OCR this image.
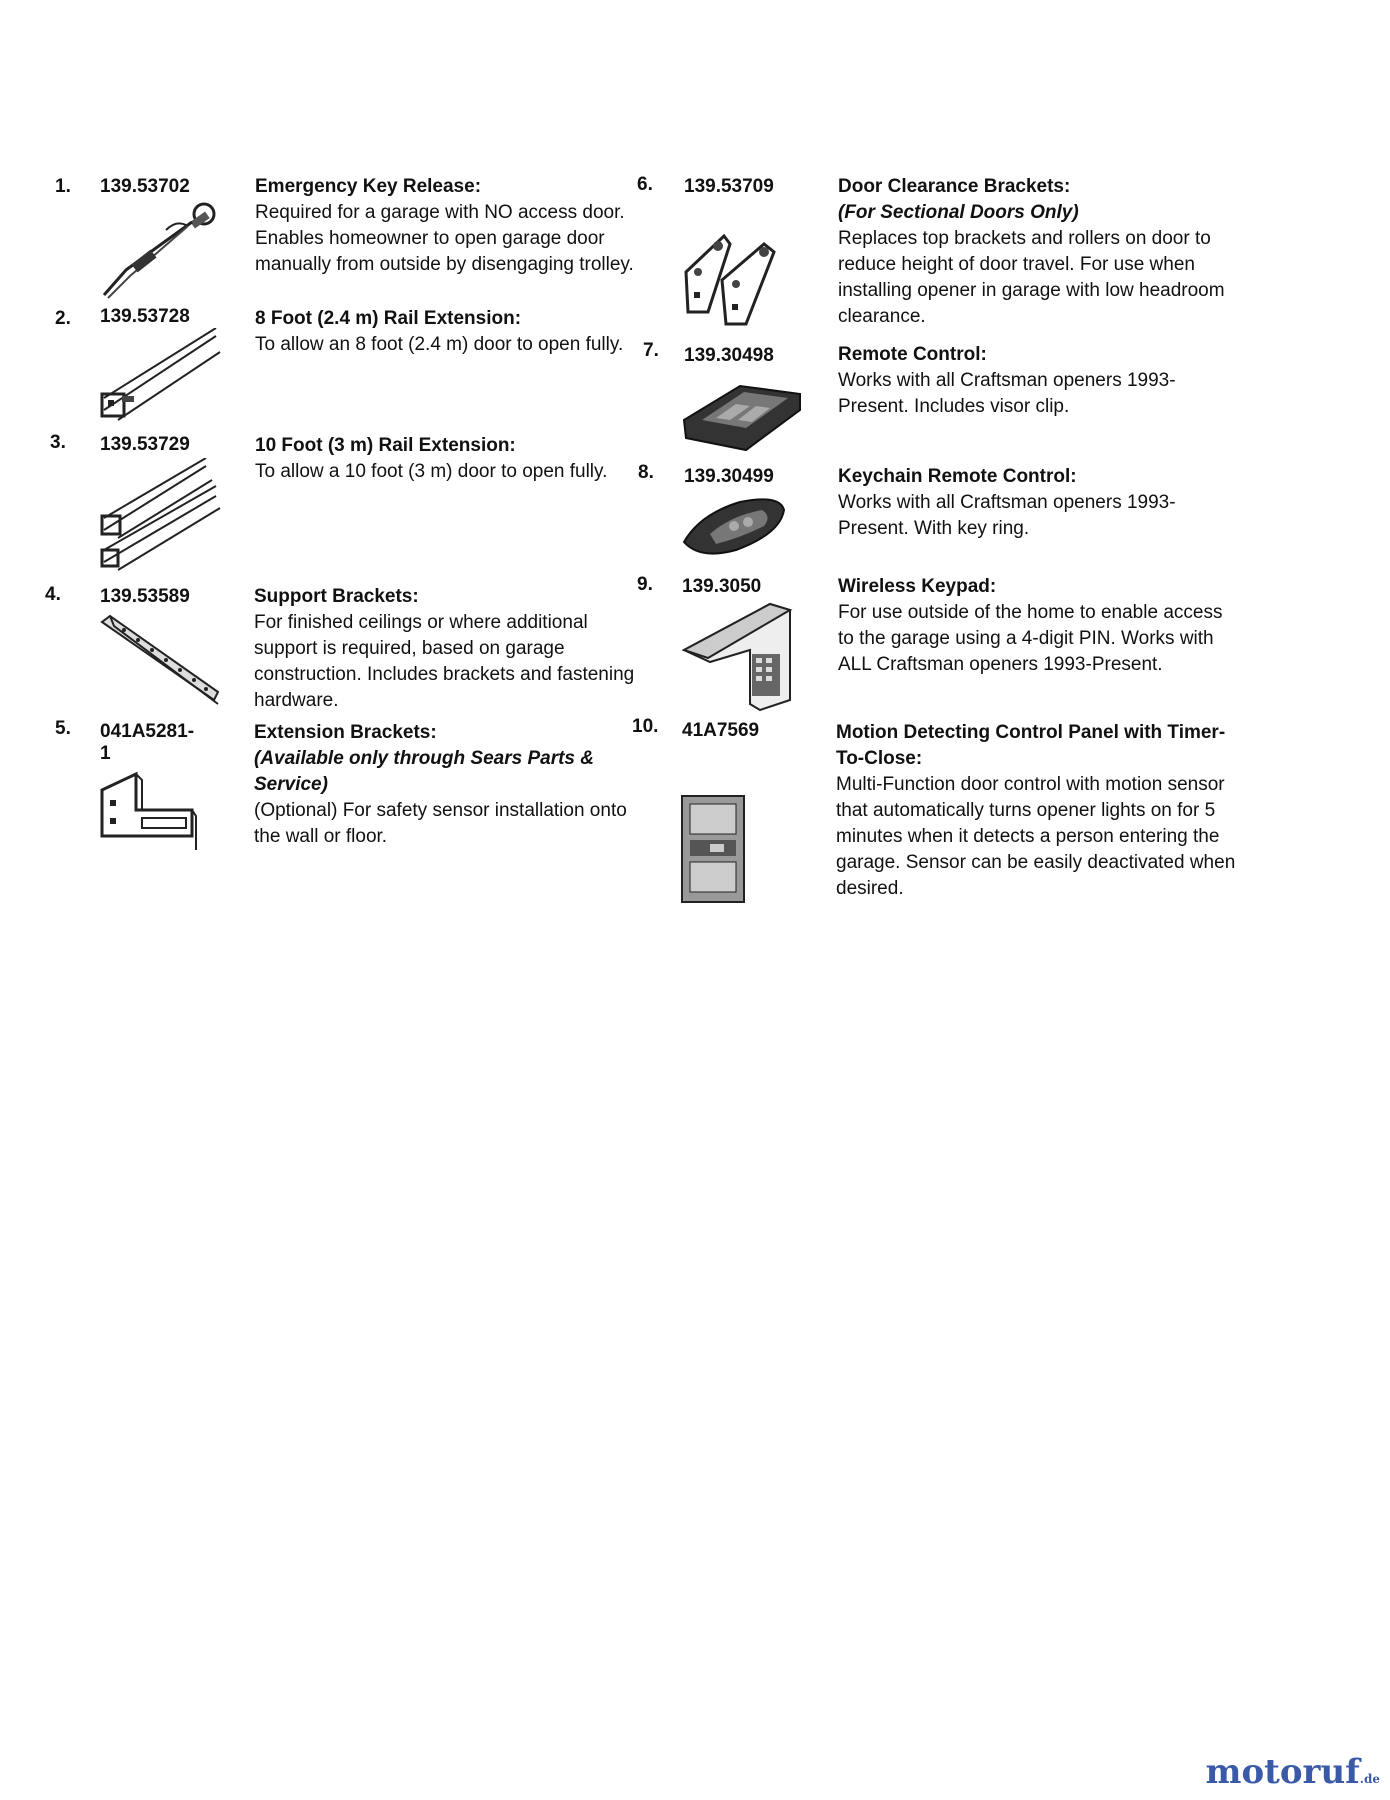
1. 139.53702	Emergency Key Release:
Required for a garage with NO access door. Enables homeowner to open garage door manually from outside by disengaging trolley.
2. 139.53728	8 Foot (2.4 m) Rail Extension:
To allow an 8 foot (2.4 m) door to open fully.
3. 139.53729	10 Foot (3 m) Rail Extension:
To allow a 10 foot (3 m) door to open fully.
4. 139.53589	Support Brackets:
For finished ceilings or where additional support is required, based on garage construction. Includes brackets and fastening hardware.
5. 041A5281-1
Extension Brackets:
(Available only through Sears Parts & Service)
(Optional) For safety sensor installation onto the wall or floor.
6. 139.53709	Door Clearance Brackets:
(For Sectional Doors Only)
Replaces top brackets and rollers on door to reduce height of door travel. For use when installing opener in garage with low headroom clearance.
7. 139.30498	Remote Control:
Works with all Craftsman openers 1993-Present. Includes visor clip.
8. 139.30499	Keychain Remote Control:
Works with all Craftsman openers 1993-Present. With key ring.
9. 139.3050	Wireless Keypad:
For use outside of the home to enable access to the garage using a 4-digit PIN. Works with ALL Craftsman openers 1993-Present.
10. 41A7569	Motion Detecting Control Panel with Timer-To-Close:
Multi-Function door control with motion sensor that automatically turns opener lights on for 5 minutes when it detects a person entering the garage. Sensor can be easily deactivated when desired.
motoruf.de
